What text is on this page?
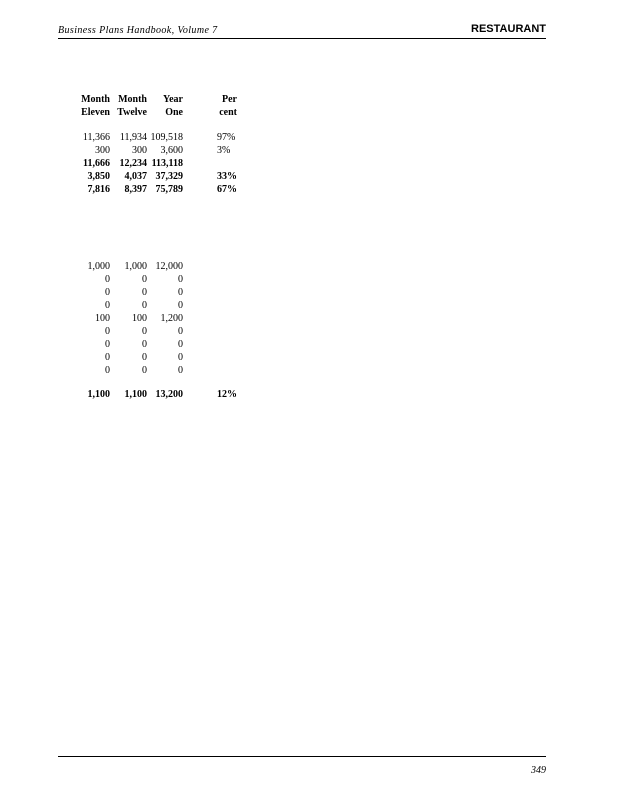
Business Plans Handbook, Volume 7	RESTAURANT
Month Month	Year	Per
Eleven Twelve	One	cent
11,366 11,934 109,518	97%
300	300	3,600	3%
11,666 12,234 113,118
3,850	4,037 37,329	33%
7,816	8,397 75,789	67%
1,000	1,000 12,000
0	0	0
0	0	0
0	0	0
100	100	1,200
0	0	0
0	0	0
0	0	0
0	0	0
1,100	1,100 13,200	12%
349
